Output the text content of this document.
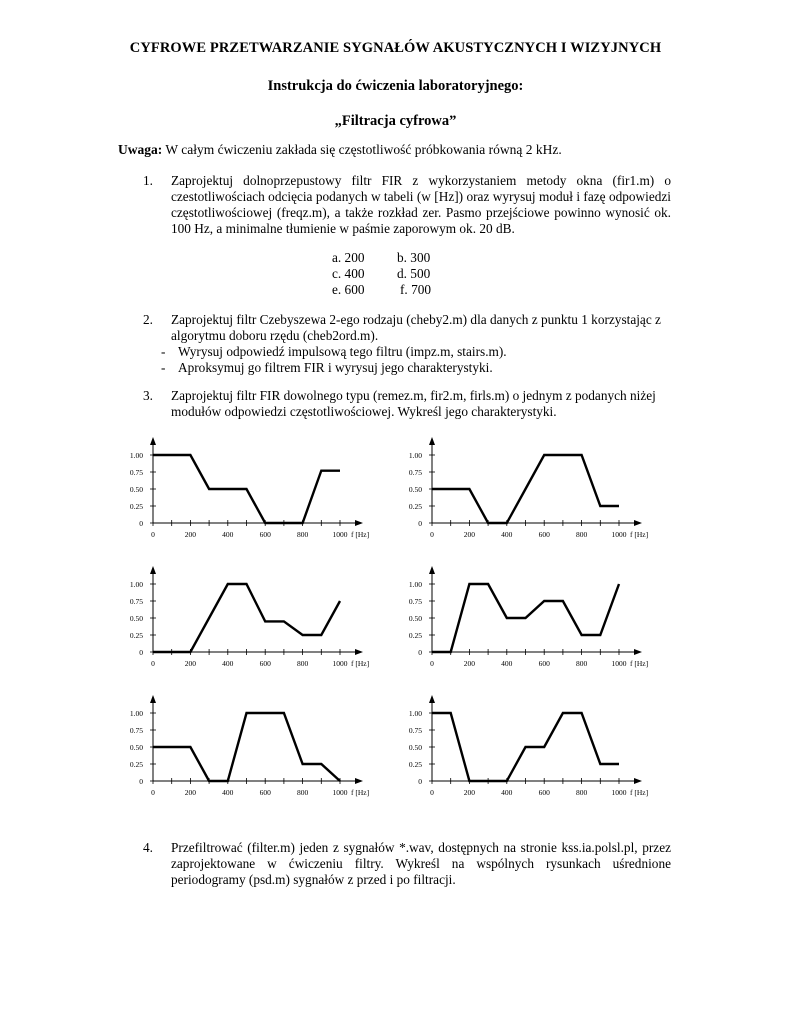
CYFROWE PRZETWARZANIE SYGNAŁÓW AKUSTYCZNYCH I WIZYJNYCH
Instrukcja do ćwiczenia laboratoryjnego:
„Filtracja cyfrowa”
Uwaga: W całym ćwiczeniu zakłada się częstotliwość próbkowania równą 2 kHz.
1. Zaprojektuj dolnoprzepustowy filtr FIR z wykorzystaniem metody okna (fir1.m) o czestotliwościach odcięcia podanych w tabeli (w [Hz]) oraz wyrysuj moduł i fazę odpowiedzi częstotliwościowej (freqz.m), a także rozkład zer. Pasmo przejściowe powinno wynosić ok. 100 Hz, a minimalne tłumienie w paśmie zaporowym ok. 20 dB.
a. 200 b. 300
c. 400 d. 500
e. 600	f. 700
2. Zaprojektuj filtr Czebyszewa 2-ego rodzaju (cheby2.m) dla danych z punktu 1 korzystając z algorytmu doboru rzędu (cheb2ord.m).
- Wyrysuj odpowiedź impulsową tego filtru (impz.m, stairs.m).
- Aproksymuj go filtrem FIR i wyrysuj jego charakterystyki.
3. Zaprojektuj filtr FIR dowolnego typu (remez.m, fir2.m, firls.m) o jednym z podanych niżej modułów odpowiedzi częstotliwościowej. Wykreśl jego charakterystyki.
0	200	400	600	800	1000 f [Hz]
0
0.25
0.50
0.75
1.00
0	200	400	600	800	1000 f [Hz]
0
0.25
0.50
0.75
1.00
0	200	400	600	800	1000 f [Hz]
0
0.25
0.50
0.75
1.00
0	200	400	600	800	1000 f [Hz]
0
0.25
0.50
0.75
1.00
0	200	400	600	800	1000 f [Hz]
0
0.25
0.50
0.75
1.00
0	200	400	600	800	1000 f [Hz]
0
0.25
0.50
0.75
1.00
4. Przefiltrować (filter.m) jeden z sygnałów *.wav, dostępnych na stronie kss.ia.polsl.pl, przez zaprojektowane w ćwiczeniu filtry. Wykreśl na wspólnych rysunkach uśrednione periodogramy (psd.m) sygnałów z przed i po filtracji.
